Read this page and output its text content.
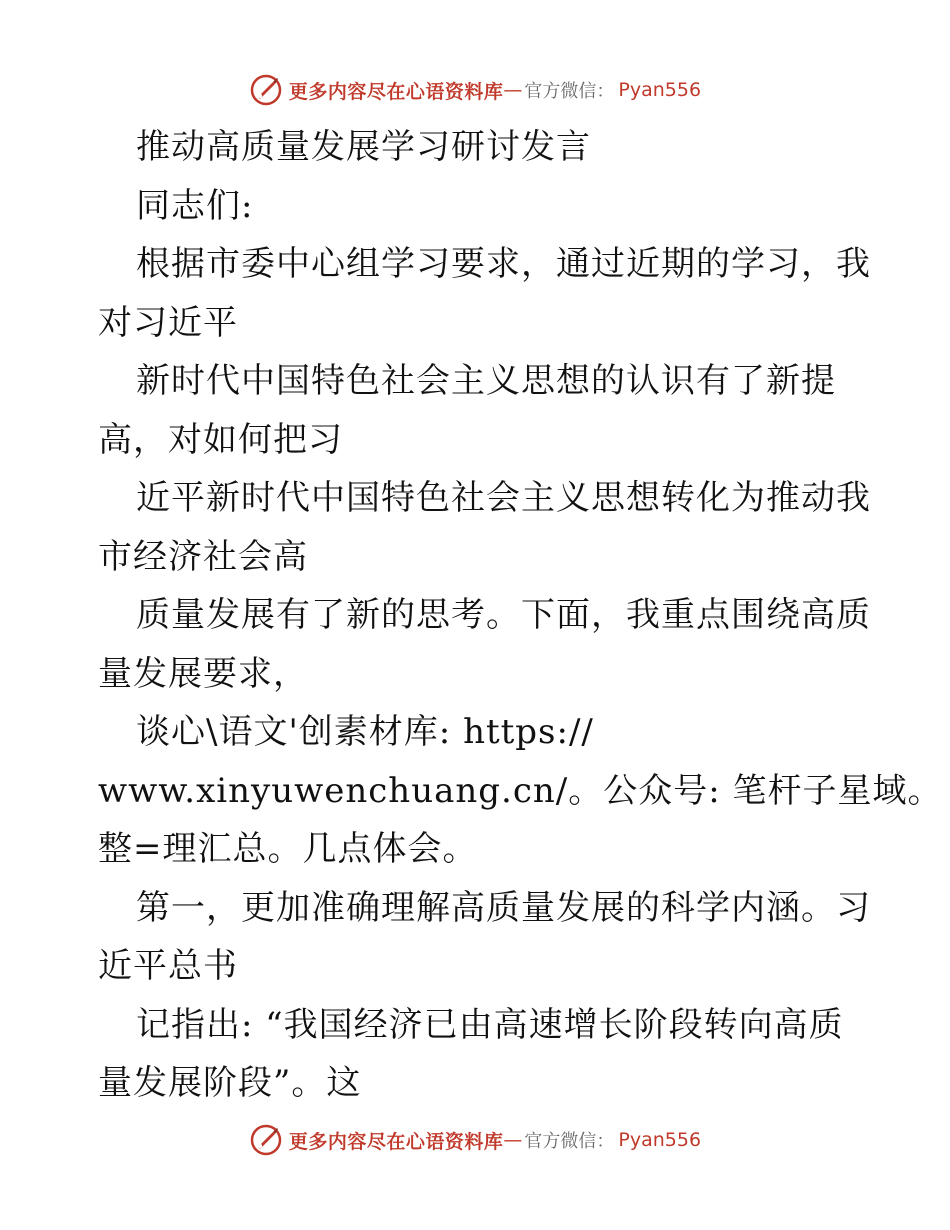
更多内容尽在心语资料库 — 官方微信： Pyan556
推动高质量发展学习研讨发言
同志们:
根据市委中心组学习要求，通过近期的学习，我
对习近平
新时代中国特色社会主义思想的认识有了新提
高，对如何把习
近平新时代中国特色社会主义思想转化为推动我
市经济社会高
质量发展有了新的思考。下面，我重点围绕高质
量发展要求，
谈心\语文'创素材库: https://
www.xinyuwenchuang.cn/。公众号: 笔杆子星域。
整=理汇总。几点体会。
第一，更加准确理解高质量发展的科学内涵。习
近平总书
记指出: “我国经济已由高速增长阶段转向高质
量发展阶段”。这
更多内容尽在心语资料库 — 官方微信： Pyan556
